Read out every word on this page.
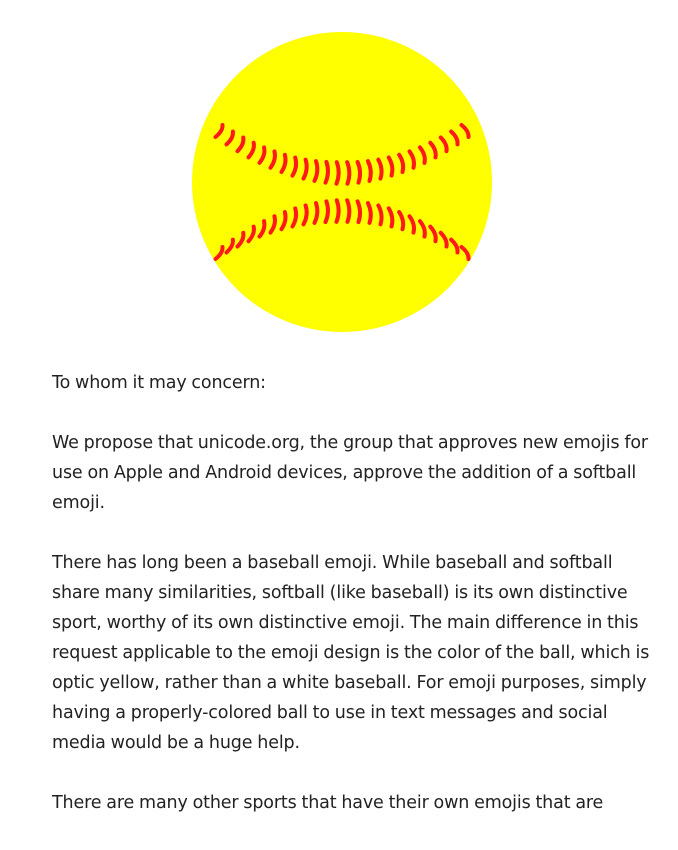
To whom it may concern:

We propose that unicode.org, the group that approves new emojis for use on Apple and Android devices, approve the addition of a softball emoji.

There has long been a baseball emoji. While baseball and softball share many similarities, softball (like baseball) is its own distinctive sport, worthy of its own distinctive emoji. The main difference in this request applicable to the emoji design is the color of the ball, which is optic yellow, rather than a white baseball. For emoji purposes, simply having a properly-colored ball to use in text messages and social media would be a huge help.

There are many other sports that have their own emojis that are
